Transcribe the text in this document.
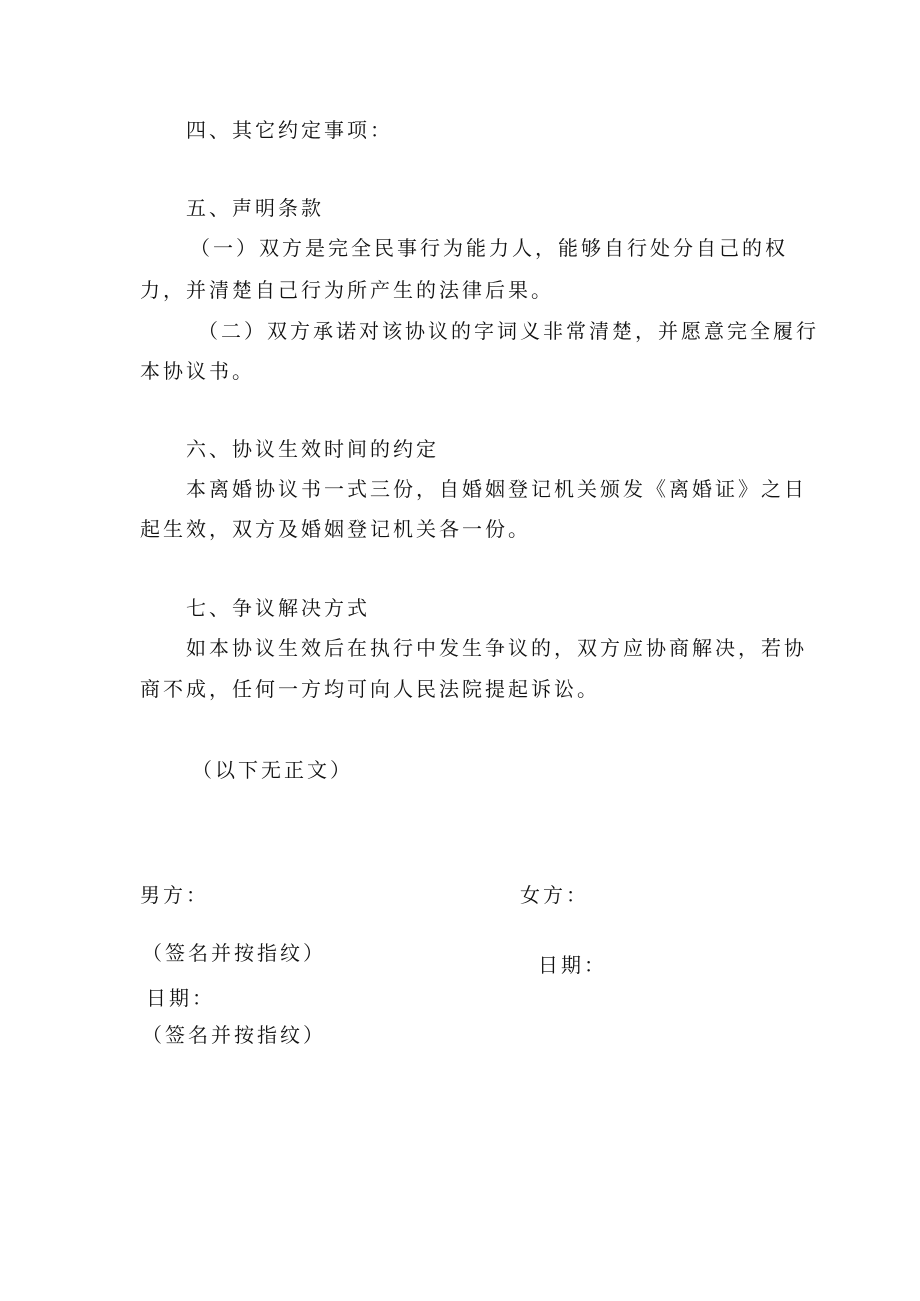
四、其它约定事项：
五、声明条款
（一）双方是完全民事行为能力人，能够自行处分自己的权
力，并清楚自己行为所产生的法律后果。
（二）双方承诺对该协议的字词义非常清楚，并愿意完全履行
本协议书。
六、协议生效时间的约定
本离婚协议书一式三份，自婚姻登记机关颁发《离婚证》之日
起生效，双方及婚姻登记机关各一份。
七、争议解决方式
如本协议生效后在执行中发生争议的，双方应协商解决，若协
商不成，任何一方均可向人民法院提起诉讼。
（以下无正文）
男方：	女方：
（签名并按指纹）	日期：
日期：
（签名并按指纹）
